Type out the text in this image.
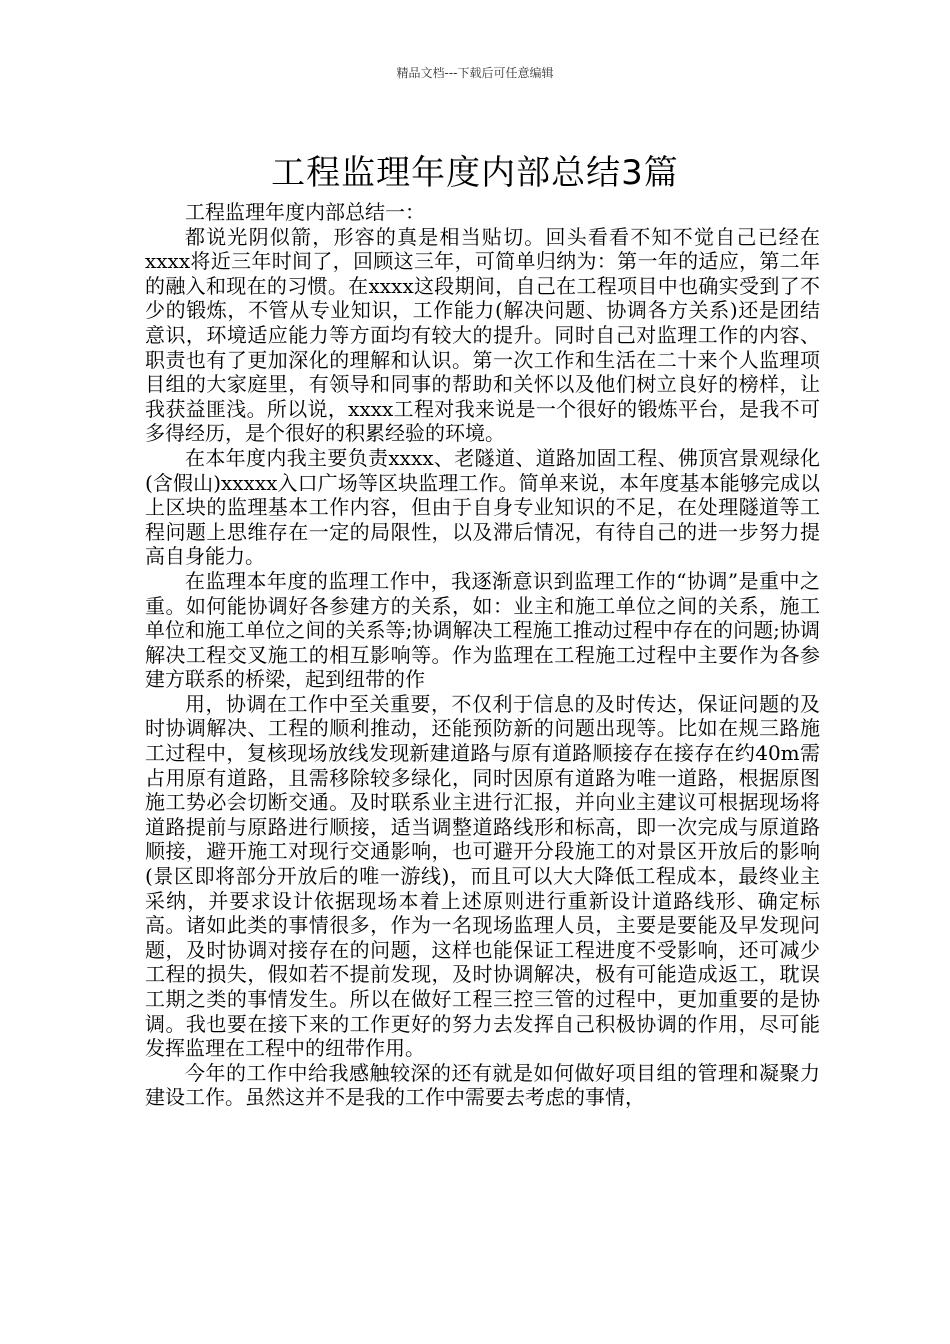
精品文档---下载后可任意编辑
工程监理年度内部总结3篇

工程监理年度内部总结一：

都说光阴似箭，形容的真是相当贴切。回头看看不知不觉自己已经在xxxx将近三年时间了，回顾这三年，可简单归纳为：第一年的适应，第二年的融入和现在的习惯。在xxxx这段期间，自己在工程项目中也确实受到了不少的锻炼，不管从专业知识，工作能力(解决问题、协调各方关系)还是团结意识，环境适应能力等方面均有较大的提升。同时自己对监理工作的内容、职责也有了更加深化的理解和认识。第一次工作和生活在二十来个人监理项目组的大家庭里，有领导和同事的帮助和关怀以及他们树立良好的榜样，让我获益匪浅。所以说，xxxx工程对我来说是一个很好的锻炼平台，是我不可多得经历，是个很好的积累经验的环境。

在本年度内我主要负责xxxx、老隧道、道路加固工程、佛顶宫景观绿化(含假山)xxxxx入口广场等区块监理工作。简单来说，本年度基本能够完成以上区块的监理基本工作内容，但由于自身专业知识的不足，在处理隧道等工程问题上思维存在一定的局限性，以及滞后情况，有待自己的进一步努力提高自身能力。

在监理本年度的监理工作中，我逐渐意识到监理工作的“协调”是重中之重。如何能协调好各参建方的关系，如：业主和施工单位之间的关系，施工单位和施工单位之间的关系等;协调解决工程施工推动过程中存在的问题;协调解决工程交叉施工的相互影响等。作为监理在工程施工过程中主要作为各参建方联系的桥梁，起到纽带的作

用，协调在工作中至关重要，不仅利于信息的及时传达，保证问题的及时协调解决、工程的顺利推动，还能预防新的问题出现等。比如在规三路施工过程中，复核现场放线发现新建道路与原有道路顺接存在接存在约40m需占用原有道路，且需移除较多绿化，同时因原有道路为唯一道路，根据原图施工势必会切断交通。及时联系业主进行汇报，并向业主建议可根据现场将道路提前与原路进行顺接，适当调整道路线形和标高，即一次完成与原道路顺接，避开施工对现行交通影响，也可避开分段施工的对景区开放后的影响(景区即将部分开放后的唯一游线)，而且可以大大降低工程成本，最终业主采纳，并要求设计依据现场本着上述原则进行重新设计道路线形、确定标高。诸如此类的事情很多，作为一名现场监理人员，主要是要能及早发现问题，及时协调对接存在的问题，这样也能保证工程进度不受影响，还可减少工程的损失，假如若不提前发现，及时协调解决，极有可能造成返工，耽误工期之类的事情发生。所以在做好工程三控三管的过程中，更加重要的是协调。我也要在接下来的工作更好的努力去发挥自己积极协调的作用，尽可能发挥监理在工程中的纽带作用。

今年的工作中给我感触较深的还有就是如何做好项目组的管理和凝聚力建设工作。虽然这并不是我的工作中需要去考虑的事情，
